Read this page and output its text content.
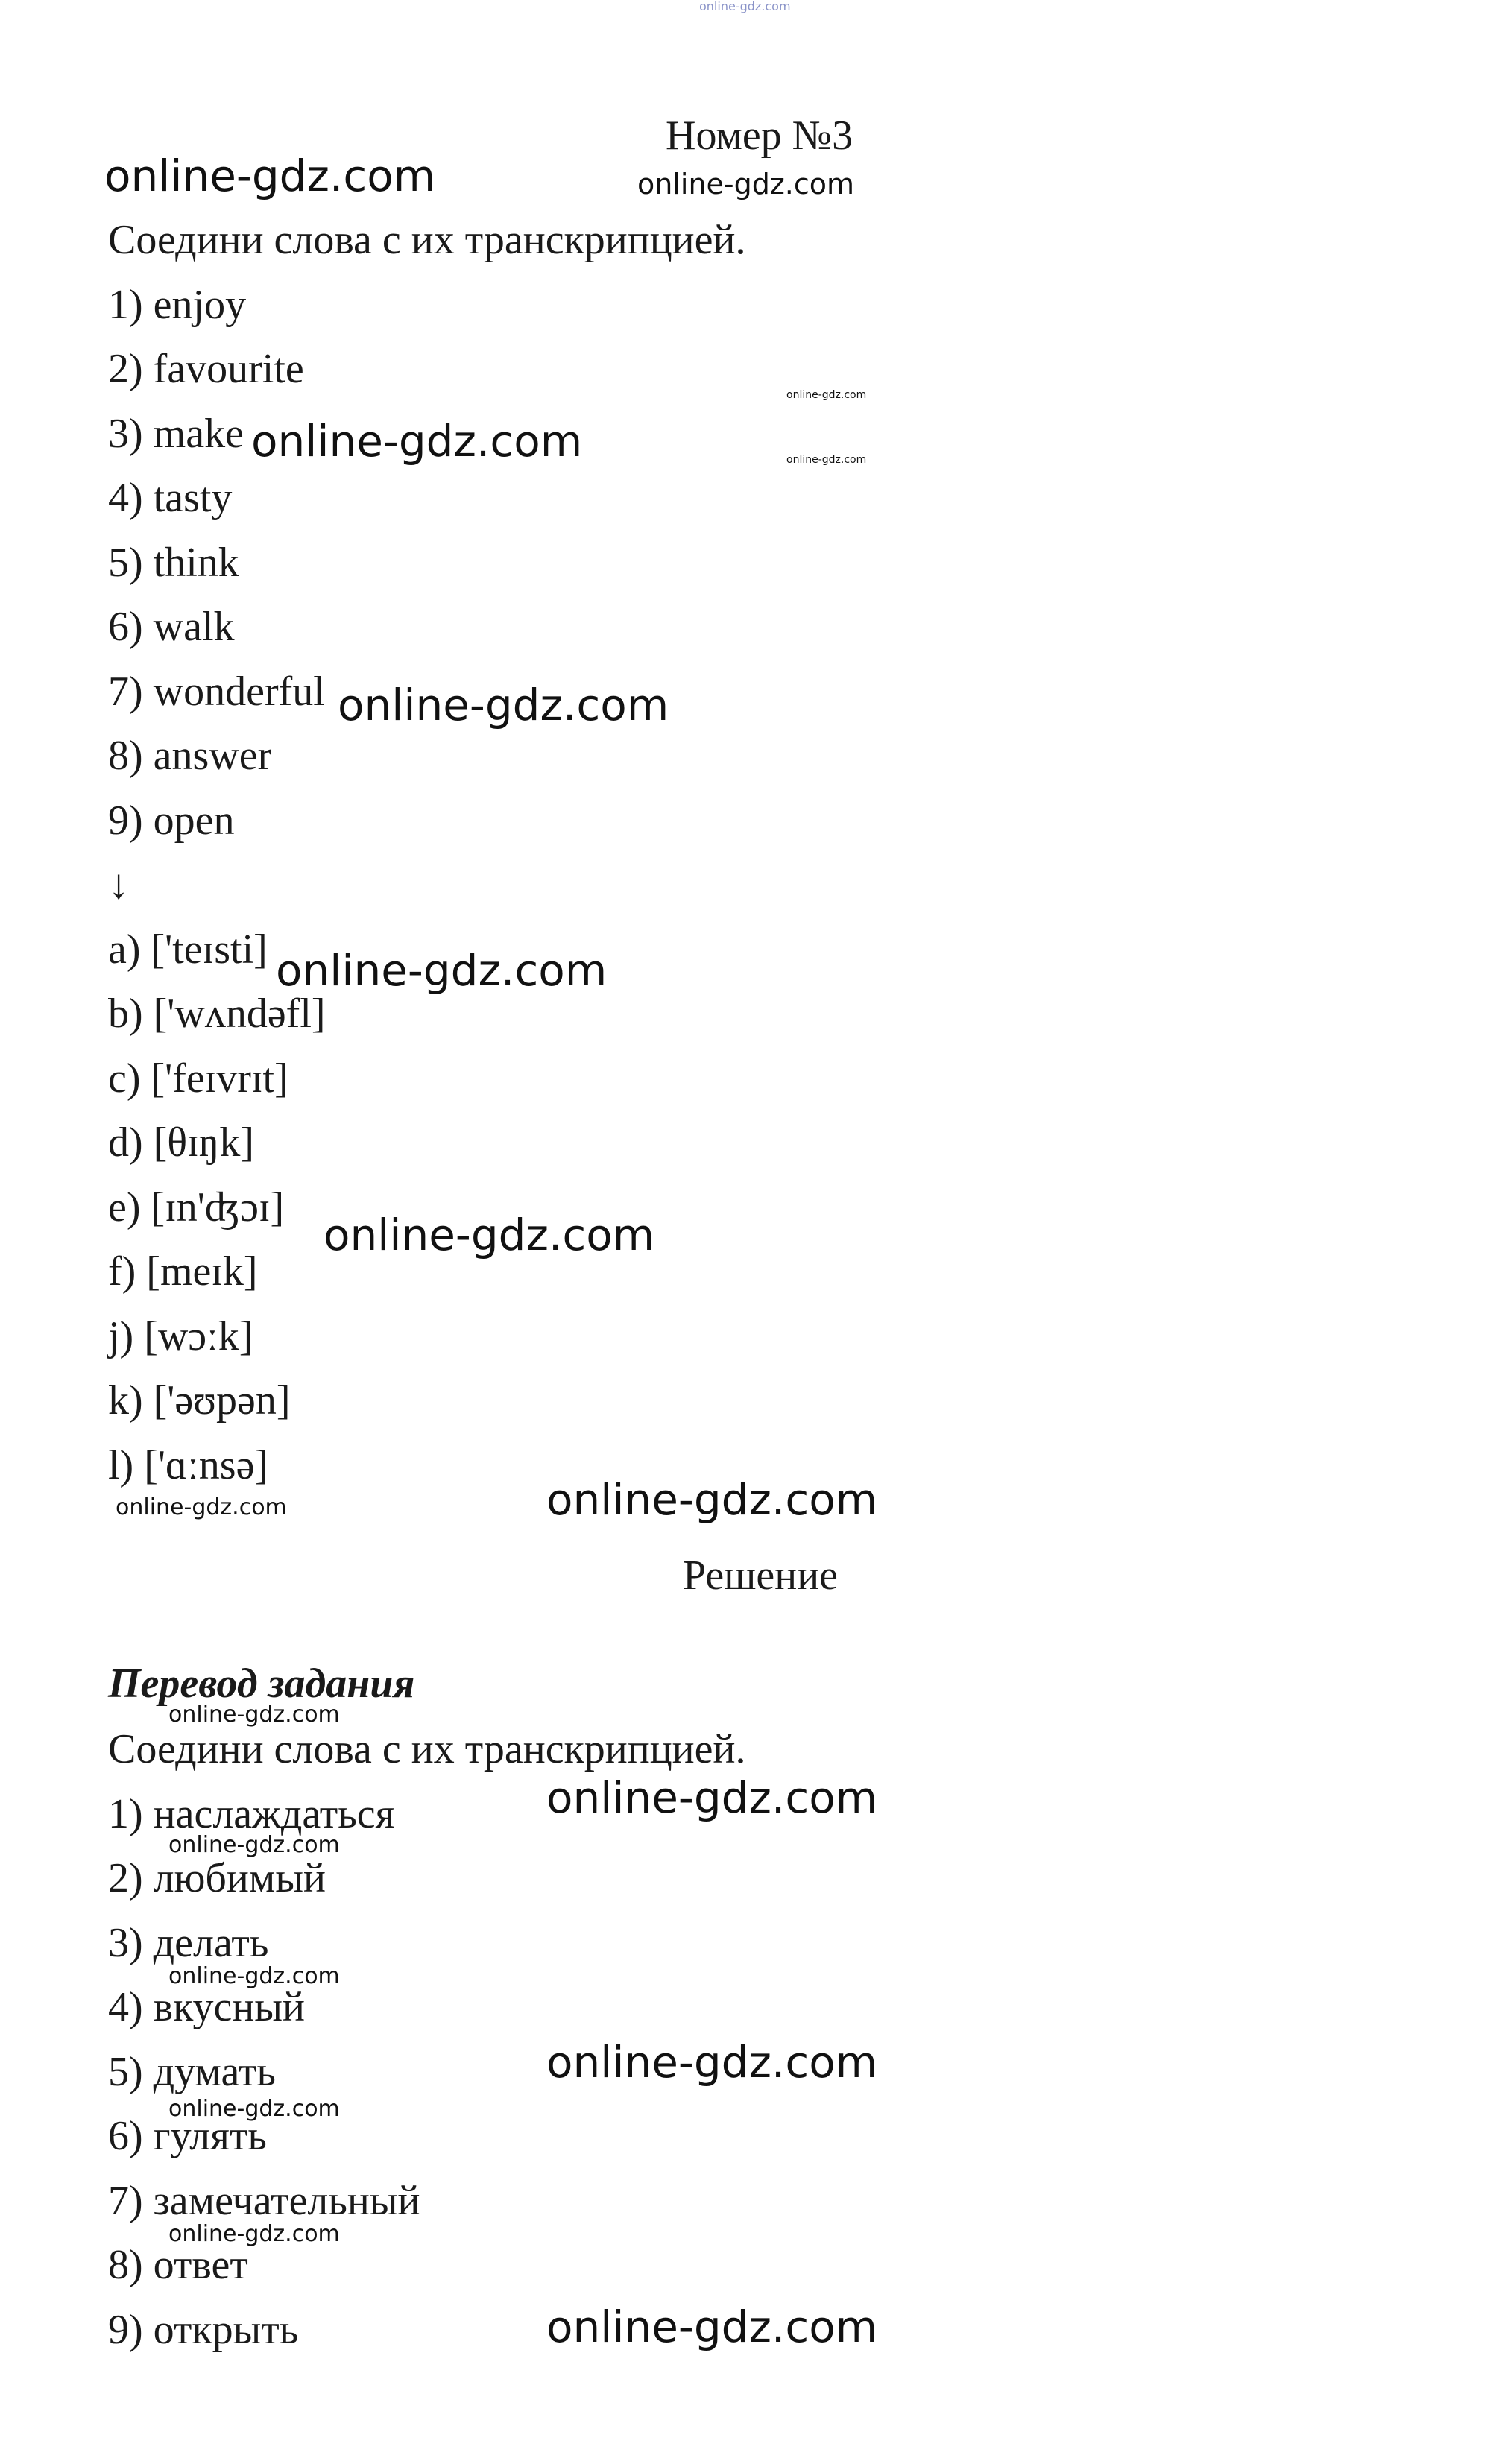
online-gdz.com
Номер №3
Соедини слова с их транскрипцией.
1) enjoy
2) favourite
3) make
4) tasty
5) think
6) walk
7) wonderful
8) answer
9) open
↓
a) ['teɪsti]
b) ['wʌndəfl]
c) ['feɪvrɪt]
d) [θɪŋk]
e) [ɪn'ʤɔɪ]
f) [meɪk]
j) [wɔːk]
k) ['əʊpən]
l) ['ɑːnsə]
Решение
Перевод задания
Соедини слова с их транскрипцией.
1) наслаждаться
2) любимый
3) делать
4) вкусный
5) думать
6) гулять
7) замечательный
8) ответ
9) открыть
online-gdz.com	online-gdz.com
online-gdz.com
online-gdz.com
online-gdz.com
online-gdz.com
online-gdz.com
online-gdz.com
online-gdz.com	online-gdz.com
online-gdz.com
online-gdz.com
online-gdz.com
online-gdz.com
online-gdz.com
online-gdz.com
online-gdz.com
online-gdz.com
